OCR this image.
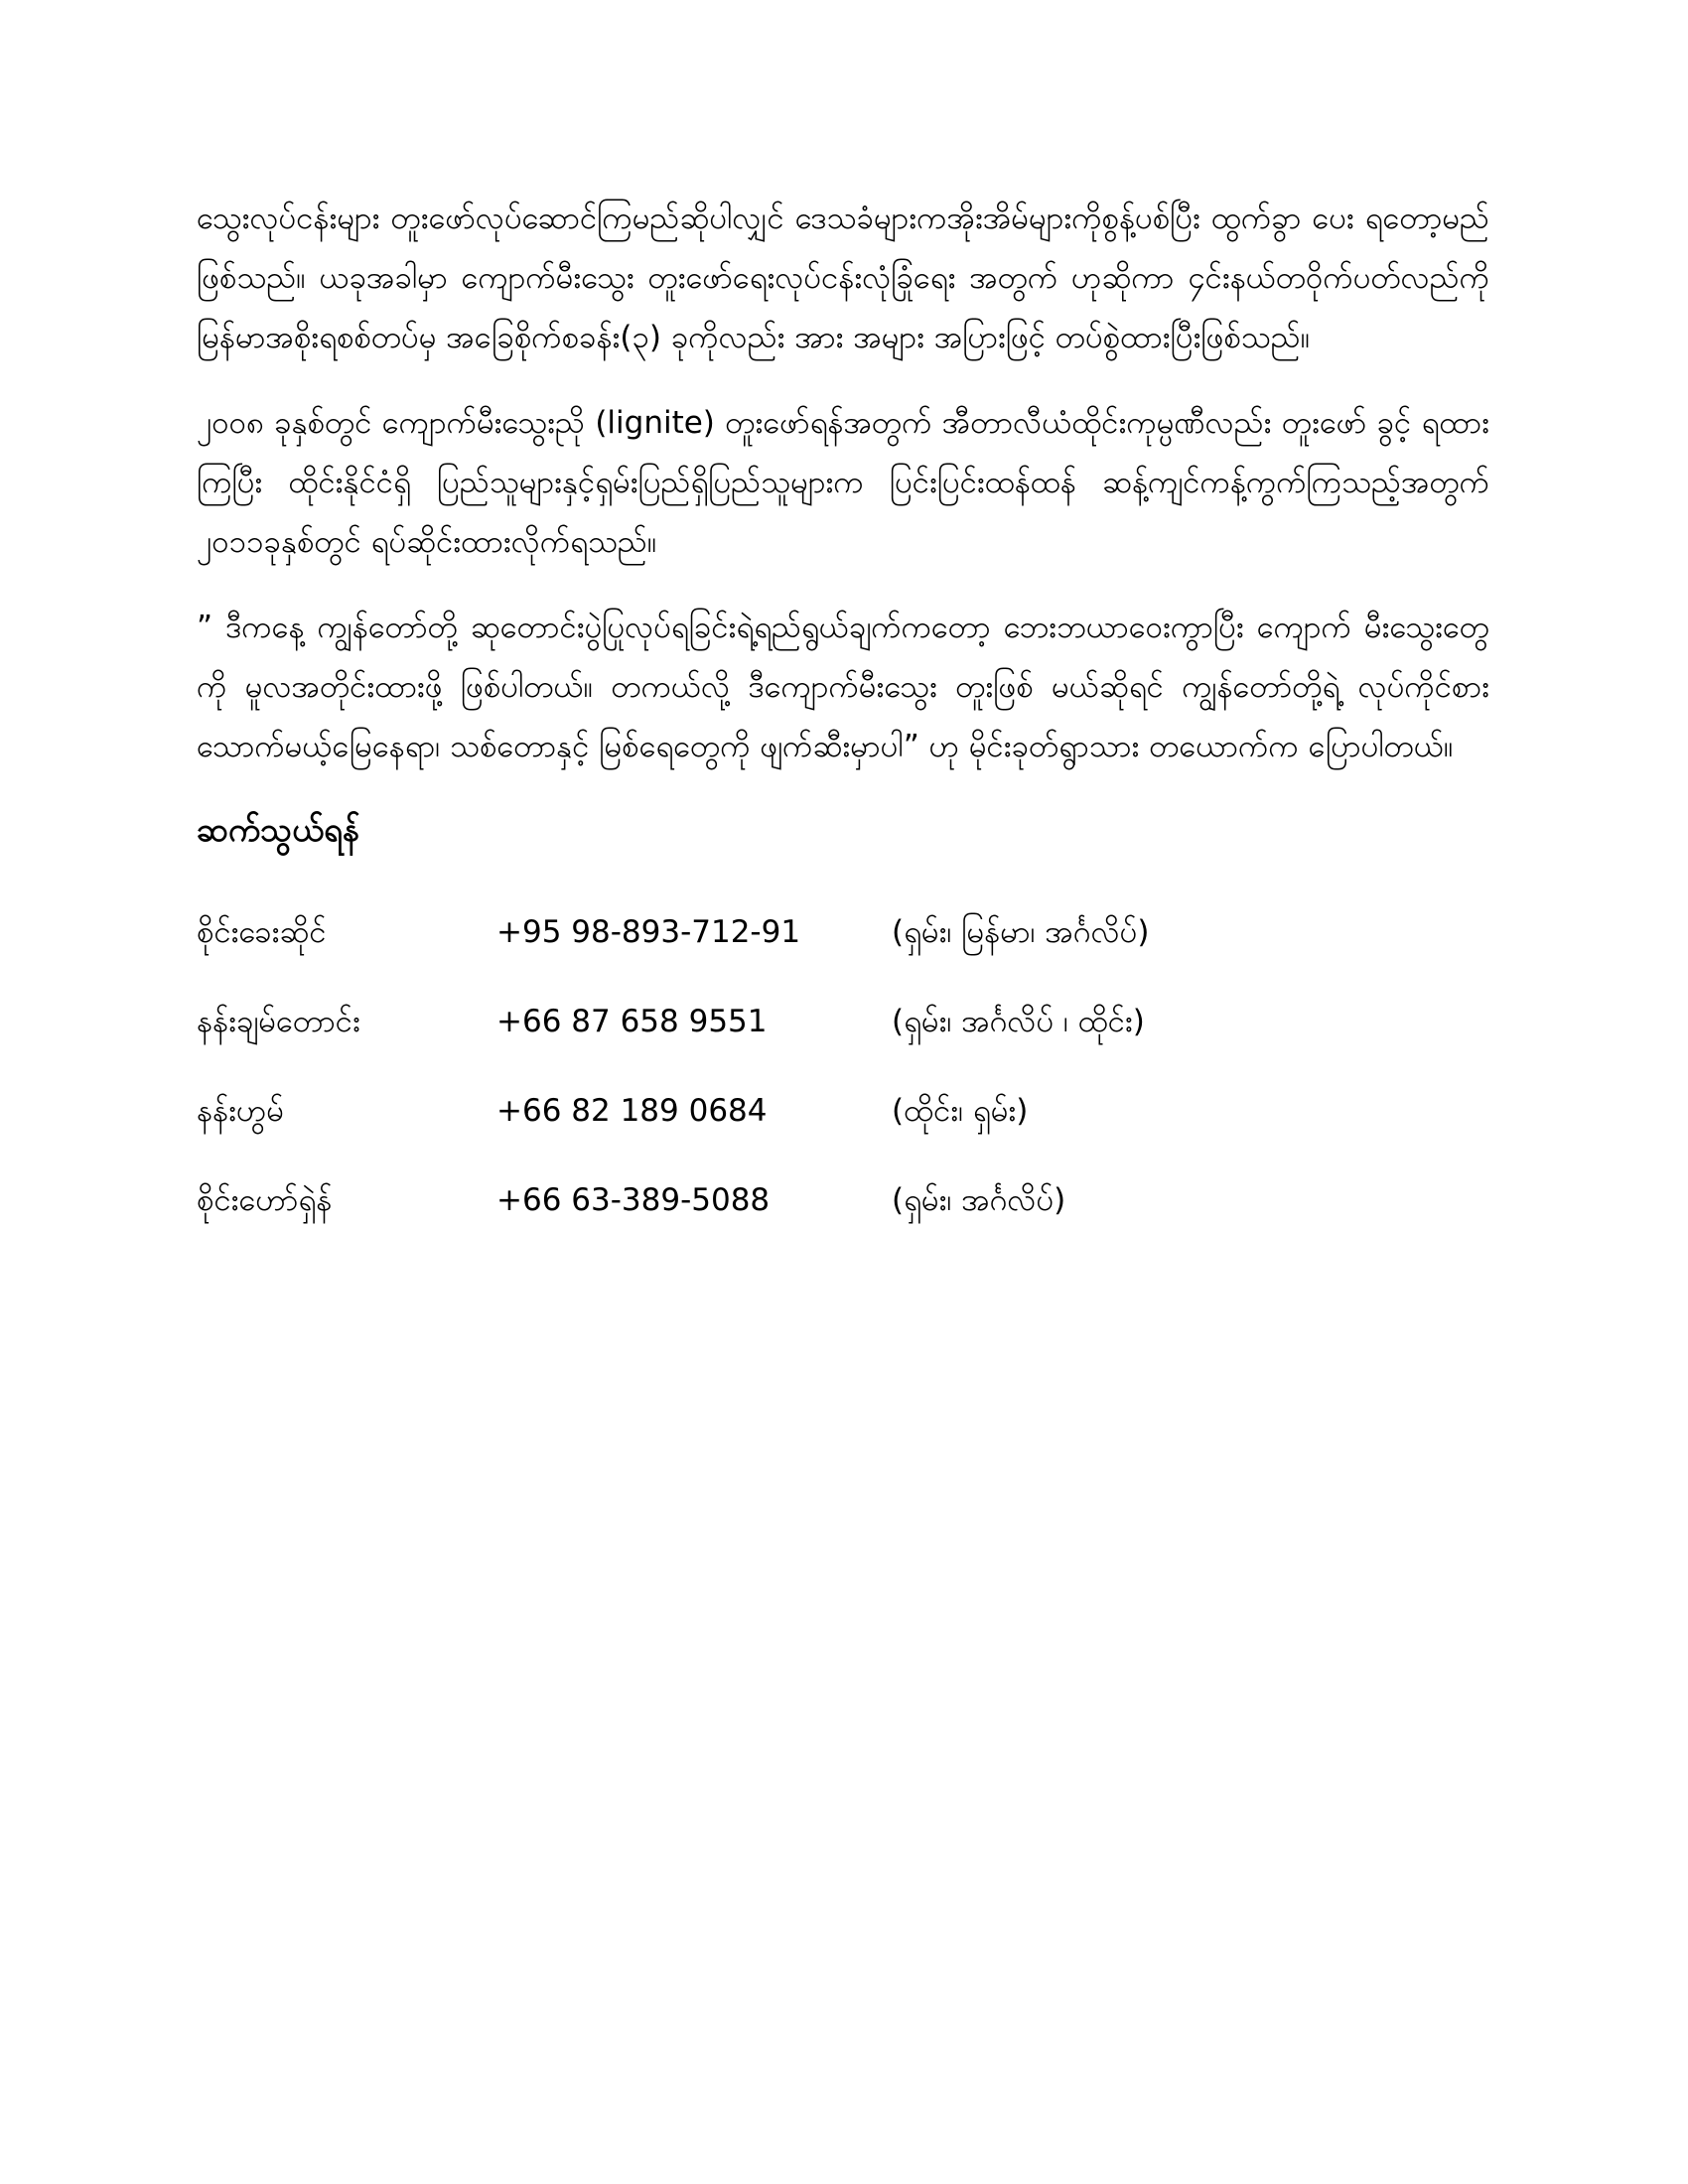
သွေးလုပ်ငန်းများ တူးဖော်လုပ်ဆောင်ကြမည်ဆိုပါလျှင် ဒေသခံများကအိုးအိမ်များကိုစွန့်ပစ်ပြီး ထွက်ခွာ ပေး ရတော့မည်ဖြစ်သည်။ ယခုအခါမှာ ကျောက်မီးသွေး တူးဖော်ရေးလုပ်ငန်းလုံခြုံရေး အတွက် ဟုဆိုကာ ၄င်းနယ်တဝိုက်ပတ်လည်ကို မြန်မာအစိုးရစစ်တပ်မှ အခြေစိုက်စခန်း(၃) ခုကိုလည်း အား အများ အပြားဖြင့် တပ်စွဲထားပြီးဖြစ်သည်။

၂၀၀၈ ခုနှစ်တွင် ကျောက်မီးသွေးညို (lignite) တူးဖော်ရန်အတွက် အီတာလီယံထိုင်းကုမ္ပဏီလည်း တူးဖော် ခွင့် ရထားကြပြီး ထိုင်းနိုင်ငံရှိ ပြည်သူများနှင့်ရှမ်းပြည်ရှိပြည်သူများက ပြင်းပြင်းထန်ထန် ဆန့်ကျင်ကန့်ကွက်ကြသည့်အတွက် ၂၀၁၁ခုနှစ်တွင် ရပ်ဆိုင်းထားလိုက်ရသည်။

” ဒီကနေ့ ကျွန်တော်တို့ ဆုတောင်းပွဲပြုလုပ်ရခြင်းရဲ့ရည်ရွယ်ချက်ကတော့ ဘေးဘယာဝေးကွာပြီး ကျောက် မီးသွေးတွေကို မူလအတိုင်းထားဖို့ ဖြစ်ပါတယ်။ တကယ်လို့ ဒီကျောက်မီးသွေး တူးဖြစ် မယ်ဆိုရင် ကျွန်တော်တို့ရဲ့ လုပ်ကိုင်စားသောက်မယ့်မြေနေရာ၊ သစ်တောနှင့် မြစ်ရေတွေကို ဖျက်ဆီးမှာပါ” ဟု မိုင်းခုတ်ရွာသား တယောက်က ပြောပါတယ်။

ဆက်သွယ်ရန်
စိုင်းခေးဆိုင်	+95 98-893-712-91	(ရှမ်း၊ မြန်မာ၊ အင်္ဂလိပ်)
နန်းချမ်တောင်း	+66 87 658 9551	(ရှမ်း၊ အင်္ဂလိပ် ၊ ထိုင်း)
နန်းဟွမ်	+66 82 189 0684	(ထိုင်း၊ ရှမ်း)
စိုင်းဟော်ရှဲန်	+66 63-389-5088	(ရှမ်း၊ အင်္ဂလိပ်)
